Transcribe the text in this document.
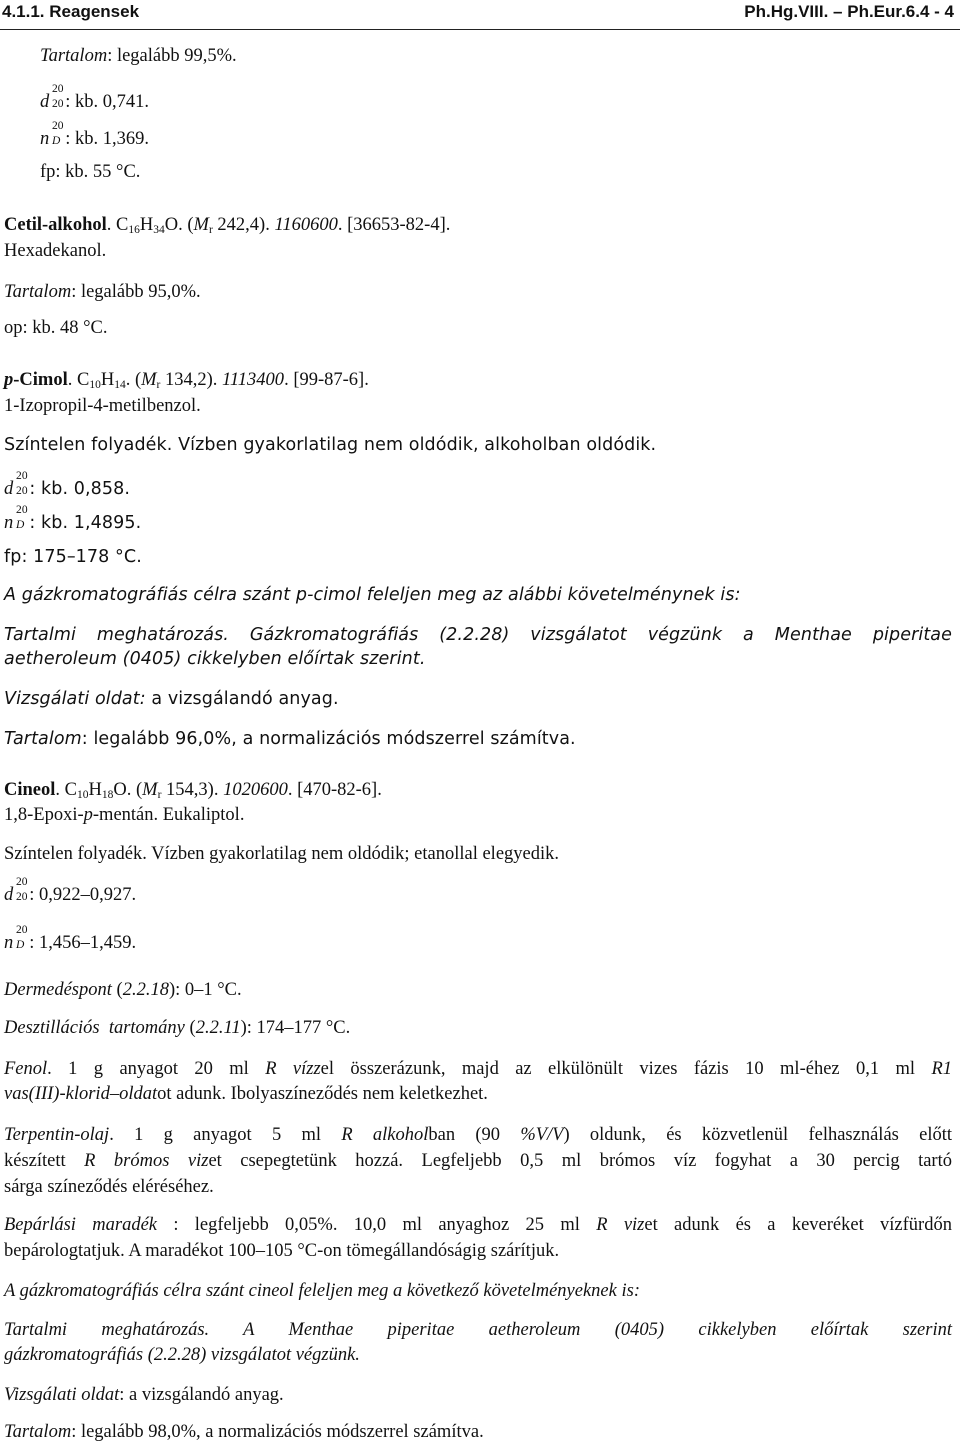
4.1.1. Reagensek	Ph.Hg.VIII. – Ph.Eur.6.4 - 4
Tartalom: legalább 99,5%.
d
20
20 : kb. 0,741.
n
20
D : kb. 1,369.
fp: kb. 55 °C.
Cetil-alkohol. $C_{16}H_{34}O$. ($M_r$ 242,4). 1160600. [36653-82-4].
Hexadekanol.
Tartalom: legalább 95,0%.
op: kb. 48 °C.
p-Cimol. $C_{10}H_{14}$. ($M_r$ 134,2). 1113400. [99-87-6].
1-Izopropil-4-metilbenzol.
Színtelen folyadék. Vízben gyakorlatilag nem oldódik, alkoholban oldódik.
d
20
20 : kb. 0,858.
n
20
D : kb. 1,4895.
fp: 175–178 °C.
A gázkromatográfiás célra szánt p-cimol feleljen meg az alábbi követelménynek is:
Tartalmi meghatározás. Gázkromatográfiás (2.2.28) vizsgálatot végzünk a Menthae piperitae
aetheroleum (0405) cikkelyben előírtak szerint.
Vizsgálati oldat: a vizsgálandó anyag.
Tartalom: legalább 96,0%, a normalizációs módszerrel számítva.
Cineol. $C_{10}H_{18}O$. ($M_r$ 154,3). 1020600. [470-82-6].
1,8-Epoxi-p-mentán. Eukaliptol.
Színtelen folyadék. Vízben gyakorlatilag nem oldódik; etanollal elegyedik.
d
20
20 : 0,922–0,927.
n
20
D : 1,456–1,459.
Dermedéspont (2.2.18): 0–1 °C.
Desztillációs  tartomány (2.2.11): 174–177 °C.
Fenol. 1 g anyagot 20 ml R vízzel összerázunk, majd az elkülönült vizes fázis 10 ml-éhez 0,1 ml R1
vas(III)-klorid–oldatot adunk. Ibolyaszíneződés nem keletkezhet.
Terpentin-olaj. 1 g anyagot 5 ml R alkoholban (90 %V/V) oldunk, és közvetlenül felhasználás előtt
készített R brómos vizet csepegtetünk hozzá. Legfeljebb 0,5 ml brómos víz fogyhat a 30 percig tartó
sárga színeződés eléréséhez.
Bepárlási maradék : legfeljebb 0,05%. 10,0 ml anyaghoz 25 ml R vizet adunk és a keveréket vízfürdőn
bepárologtatjuk. A maradékot 100–105 °C-on tömegállandóságig szárítjuk.
A gázkromatográfiás célra szánt cineol feleljen meg a következő követelményeknek is:
Tartalmi meghatározás. A Menthae piperitae aetheroleum (0405) cikkelyben előírtak szerint
gázkromatográfiás (2.2.28) vizsgálatot végzünk.
Vizsgálati oldat: a vizsgálandó anyag.
Tartalom: legalább 98,0%, a normalizációs módszerrel számítva.
